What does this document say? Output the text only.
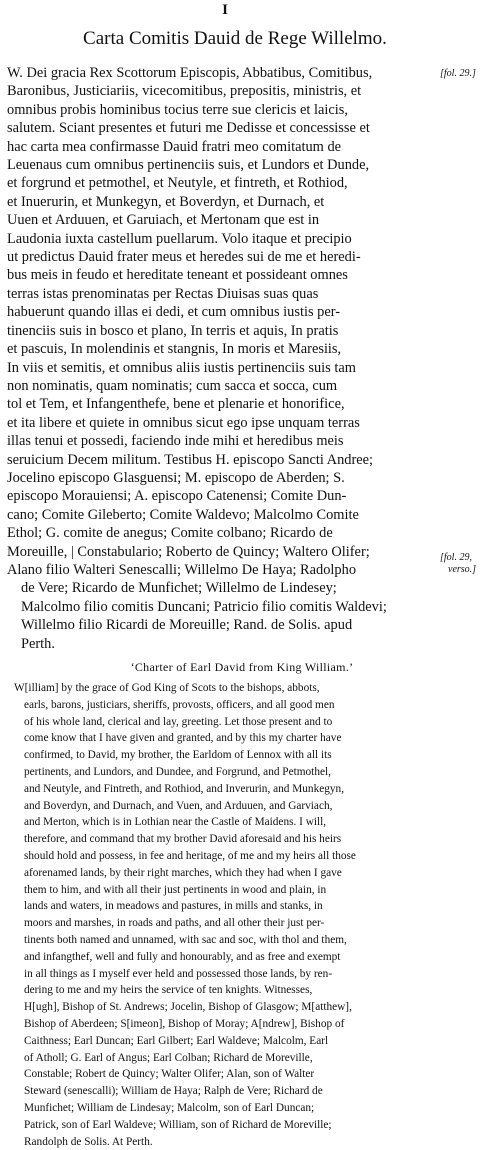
I
Carta Comitis Dauid de Rege Willelmo.
W. Dei gracia Rex Scottorum Episcopis, Abbatibus, Comitibus,
Baronibus, Justiciariis, vicecomitibus, prepositis, ministris, et
omnibus probis hominibus tocius terre sue clericis et laicis,
salutem. Sciant presentes et futuri me Dedisse et concessisse et
hac carta mea confirmasse Dauid fratri meo comitatum de
Leuenaus cum omnibus pertinenciis suis, et Lundors et Dunde,
et forgrund et petmothel, et Neutyle, et fintreth, et Rothiod,
et Inuerurin, et Munkegyn, et Boverdyn, et Durnach, et
Uuen et Arduuen, et Garuiach, et Mertonam que est in
Laudonia iuxta castellum puellarum. Volo itaque et precipio
ut predictus Dauid frater meus et heredes sui de me et heredi-
bus meis in feudo et hereditate teneant et possideant omnes
terras istas prenominatas per Rectas Diuisas suas quas
habuerunt quando illas ei dedi, et cum omnibus iustis per-
tinenciis suis in bosco et plano, In terris et aquis, In pratis
et pascuis, In molendinis et stangnis, In moris et Maresiis,
In viis et semitis, et omnibus aliis iustis pertinenciis suis tam
non nominatis, quam nominatis; cum sacca et socca, cum
tol et Tem, et Infangenthefe, bene et plenarie et honorifice,
et ita libere et quiete in omnibus sicut ego ipse unquam terras
illas tenui et possedi, faciendo inde mihi et heredibus meis
seruicium Decem militum. Testibus H. episcopo Sancti Andree;
Jocelino episcopo Glasguensi; M. episcopo de Aberden; S.
episcopo Morauiensi; A. episcopo Catenensi; Comite Dun-
cano; Comite Gileberto; Comite Waldevo; Malcolmo Comite
Ethol; G. comite de anegus; Comite colbano; Ricardo de
Moreuille, | Constabulario; Roberto de Quincy; Waltero Olifer;
Alano filio Walteri Senescalli; Willelmo De Haya; Radolpho
de Vere; Ricardo de Munfichet; Willelmo de Lindesey;
Malcolmo filio comitis Duncani; Patricio filio comitis Waldevi;
Willelmo filio Ricardi de Moreuille; Rand. de Solis. apud
Perth.
[fol. 29.]
[fol. 29,
verso.]
‘Charter of Earl David from King William.’
W[illiam] by the grace of God King of Scots to the bishops, abbots,
earls, barons, justiciars, sheriffs, provosts, officers, and all good men
of his whole land, clerical and lay, greeting. Let those present and to
come know that I have given and granted, and by this my charter have
confirmed, to David, my brother, the Earldom of Lennox with all its
pertinents, and Lundors, and Dundee, and Forgrund, and Petmothel,
and Neutyle, and Fintreth, and Rothiod, and Inverurin, and Munkegyn,
and Boverdyn, and Durnach, and Vuen, and Arduuen, and Garviach,
and Merton, which is in Lothian near the Castle of Maidens. I will,
therefore, and command that my brother David aforesaid and his heirs
should hold and possess, in fee and heritage, of me and my heirs all those
aforenamed lands, by their right marches, which they had when I gave
them to him, and with all their just pertinents in wood and plain, in
lands and waters, in meadows and pastures, in mills and stanks, in
moors and marshes, in roads and paths, and all other their just per-
tinents both named and unnamed, with sac and soc, with thol and them,
and infangthef, well and fully and honourably, and as free and exempt
in all things as I myself ever held and possessed those lands, by ren-
dering to me and my heirs the service of ten knights. Witnesses,
H[ugh], Bishop of St. Andrews; Jocelin, Bishop of Glasgow; M[atthew],
Bishop of Aberdeen; S[imeon], Bishop of Moray; A[ndrew], Bishop of
Caithness; Earl Duncan; Earl Gilbert; Earl Waldeve; Malcolm, Earl
of Atholl; G. Earl of Angus; Earl Colban; Richard de Moreville,
Constable; Robert de Quincy; Walter Olifer; Alan, son of Walter
Steward (senescalli); William de Haya; Ralph de Vere; Richard de
Munfichet; William de Lindesay; Malcolm, son of Earl Duncan;
Patrick, son of Earl Waldeve; William, son of Richard de Moreville;
Randolph de Solis. At Perth.
